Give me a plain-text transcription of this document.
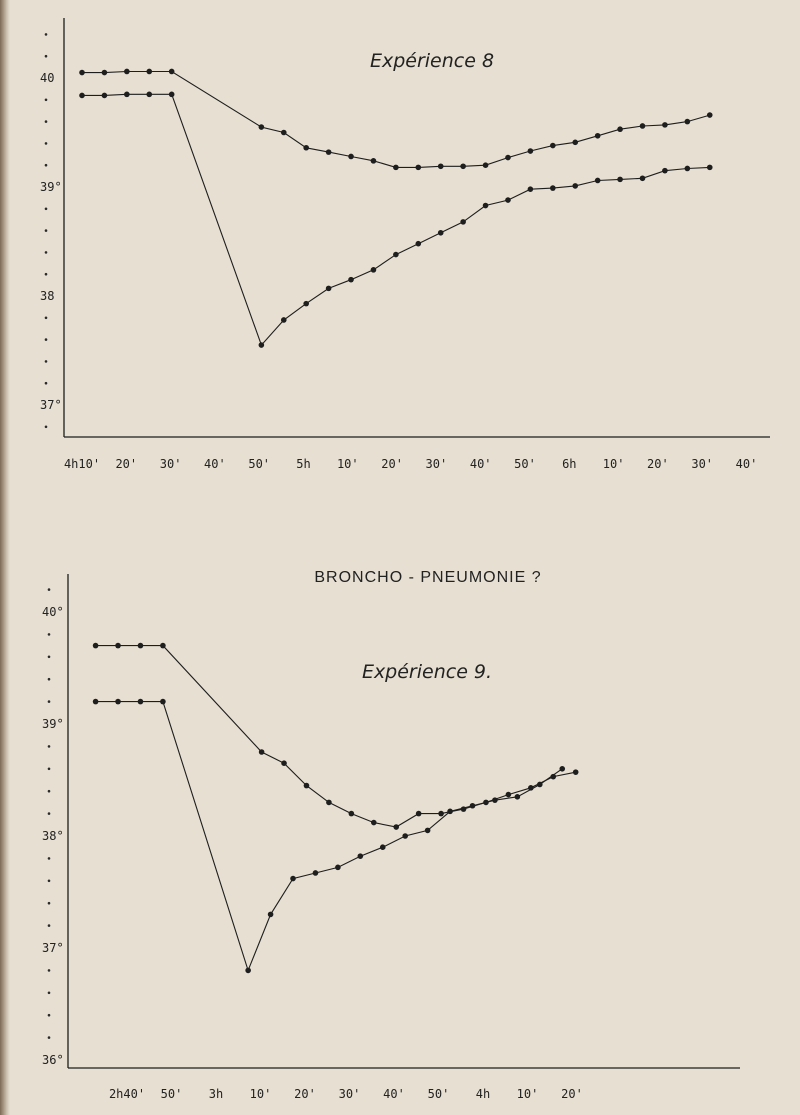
BRONCHO - PNEUMONIE ?
Expérience 8
40
39°
38
37°
4h10' 20' 30' 40' 50' 5h 10' 20' 30' 40' 50' 6h 10' 20' 30' 40'
Expérience 9.
40°
39°
38°
37°
36°
2h40' 50' 3h 10' 20' 30' 40' 50' 4h 10' 20'
